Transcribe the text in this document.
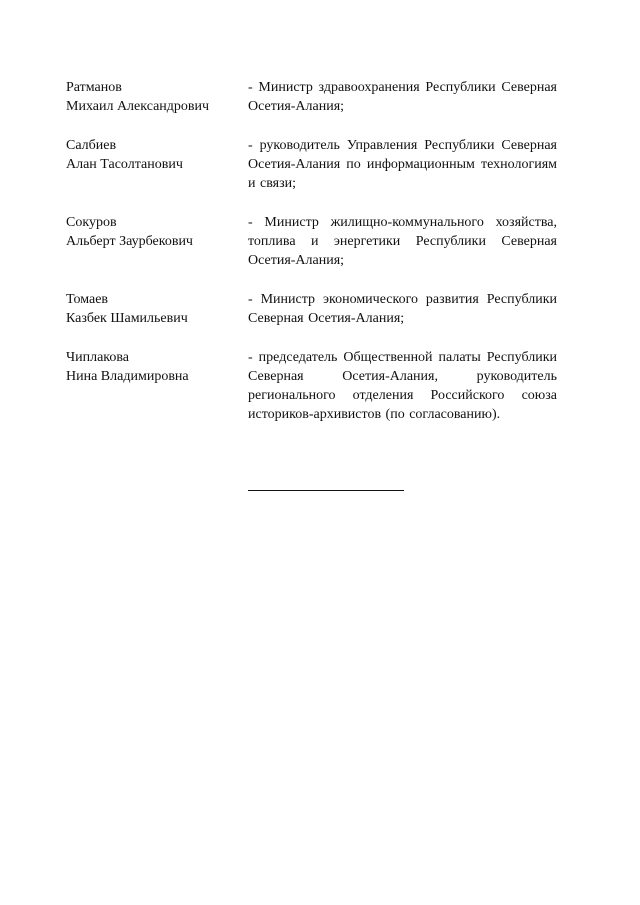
Ратманов
Михаил Александрович
- Министр здравоохранения Республики Северная Осетия-Алания;
Салбиев
Алан Тасолтанович
- руководитель Управления Республики Северная Осетия-Алания по информационным технологиям и связи;
Сокуров
Альберт Заурбекович
- Министр жилищно-коммунального хозяйства, топлива и энергетики Республики Северная Осетия-Алания;
Томаев
Казбек Шамильевич
- Министр экономического развития Республики Северная Осетия-Алания;
Чиплакова
Нина Владимировна
- председатель Общественной палаты Республики Северная Осетия-Алания, руководитель регионального отделения Российского союза историков-архивистов (по согласованию).
